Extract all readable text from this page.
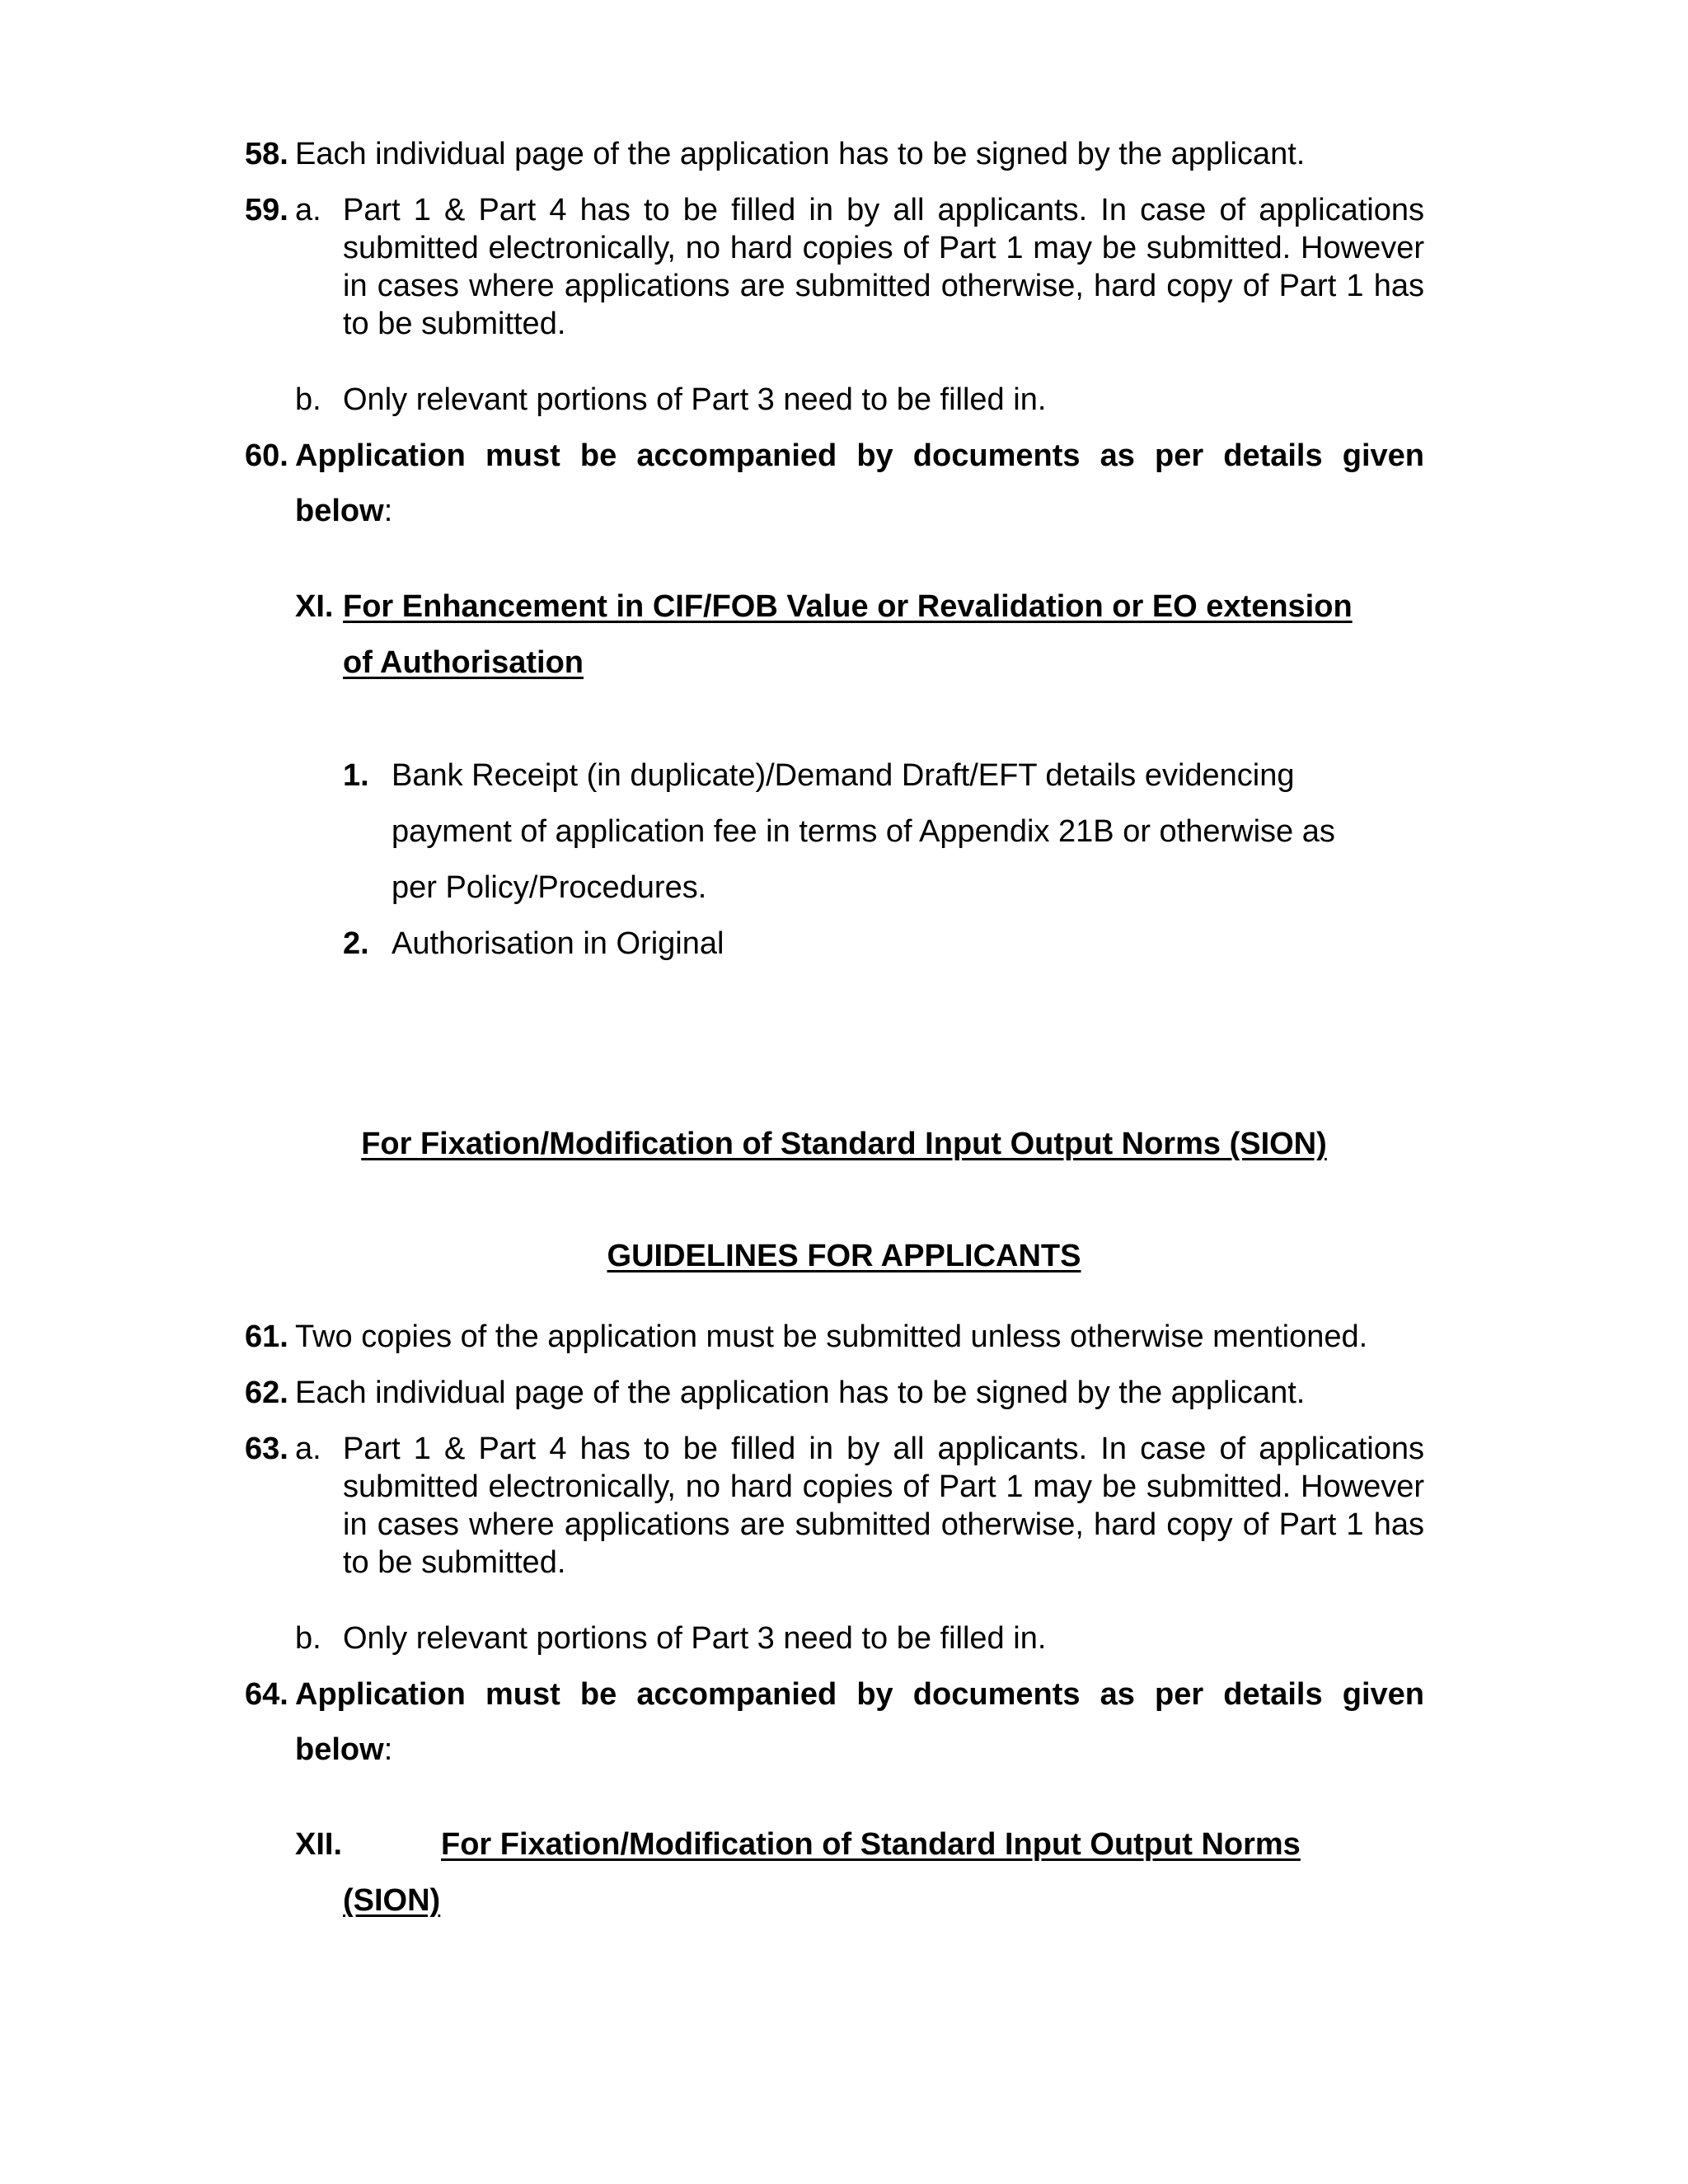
58. Each individual page of the application has to be signed by the applicant.

59. a. Part 1 & Part 4 has to be filled in by all applicants. In case of applications submitted electronically, no hard copies of Part 1 may be submitted. However in cases where applications are submitted otherwise, hard copy of Part 1 has to be submitted.

b. Only relevant portions of Part 3 need to be filled in.

60. Application must be accompanied by documents as per details given

below:

XI. For Enhancement in CIF/FOB Value or Revalidation or EO extension

of Authorisation

1. Bank Receipt (in duplicate)/Demand Draft/EFT details evidencing

payment of application fee in terms of Appendix 21B or otherwise as

per Policy/Procedures.

2. Authorisation in Original

For Fixation/Modification of Standard Input Output Norms (SION)

GUIDELINES FOR APPLICANTS

61. Two copies of the application must be submitted unless otherwise mentioned.

62. Each individual page of the application has to be signed by the applicant.

63. a. Part 1 & Part 4 has to be filled in by all applicants. In case of applications submitted electronically, no hard copies of Part 1 may be submitted. However in cases where applications are submitted otherwise, hard copy of Part 1 has to be submitted.

b. Only relevant portions of Part 3 need to be filled in.

64. Application must be accompanied by documents as per details given

below:

XII.	For Fixation/Modification of Standard Input Output Norms

(SION)
